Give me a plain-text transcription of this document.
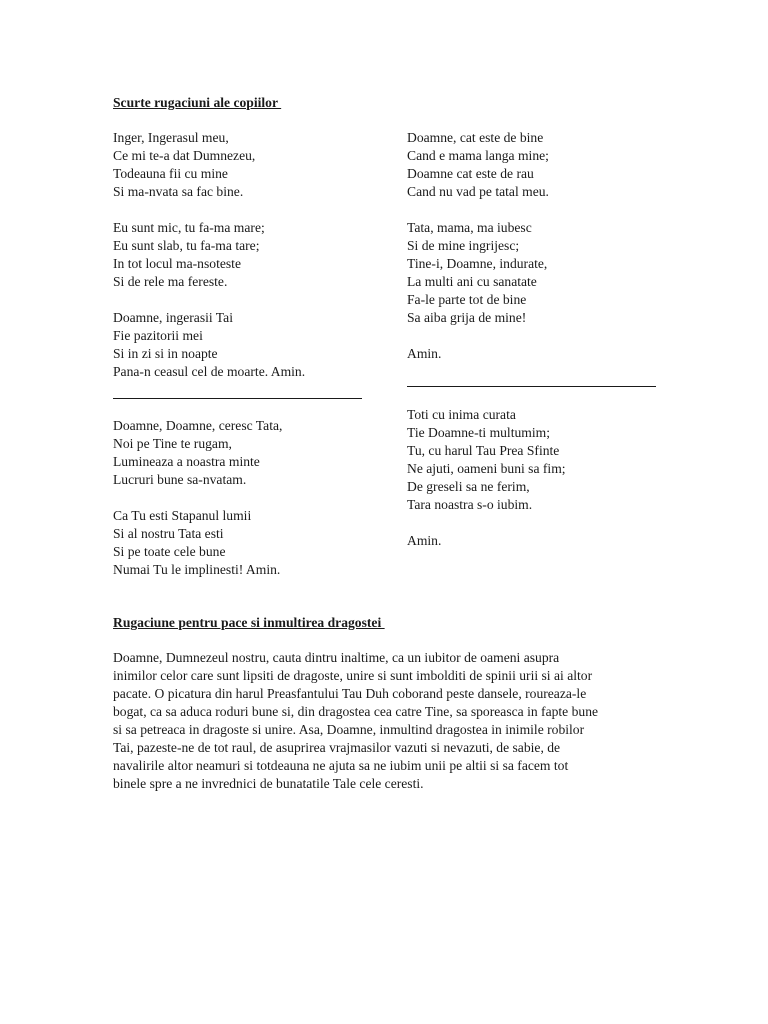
Scurte rugaciuni ale copiilor
Inger, Ingerasul meu,
Ce mi te-a dat Dumnezeu,
Todeauna fii cu mine
Si ma-nvata sa fac bine.
Eu sunt mic, tu fa-ma mare;
Eu sunt slab, tu fa-ma tare;
In tot locul ma-nsoteste
Si de rele ma fereste.
Doamne, ingerasii Tai
Fie pazitorii mei
Si in zi si in noapte
Pana-n ceasul cel de moarte. Amin.
Doamne, Doamne, ceresc Tata,
Noi pe Tine te rugam,
Lumineaza a noastra minte
Lucruri bune sa-nvatam.
Ca Tu esti Stapanul lumii
Si al nostru Tata esti
Si pe toate cele bune
Numai Tu le implinesti! Amin.
Doamne, cat este de bine
Cand e mama langa mine;
Doamne cat este de rau
Cand nu vad pe tatal meu.
Tata, mama, ma iubesc
Si de mine ingrijesc;
Tine-i, Doamne, indurate,
La multi ani cu sanatate
Fa-le parte tot de bine
Sa aiba grija de mine!
Amin.
Toti cu inima curata
Tie Doamne-ti multumim;
Tu, cu harul Tau Prea Sfinte
Ne ajuti, oameni buni sa fim;
De greseli sa ne ferim,
Tara noastra s-o iubim.
Amin.
Rugaciune pentru pace si inmultirea dragostei
Doamne, Dumnezeul nostru, cauta dintru inaltime, ca un iubitor de oameni asupra
inimilor celor care sunt lipsiti de dragoste, unire si sunt imbolditi de spinii urii si ai altor
pacate. O picatura din harul Preasfantului Tau Duh coborand peste dansele, roureaza-le
bogat, ca sa aduca roduri bune si, din dragostea cea catre Tine, sa sporeasca in fapte bune
si sa petreaca in dragoste si unire. Asa, Doamne, inmultind dragostea in inimile robilor
Tai, pazeste-ne de tot raul, de asuprirea vrajmasilor vazuti si nevazuti, de sabie, de
navalirile altor neamuri si totdeauna ne ajuta sa ne iubim unii pe altii si sa facem tot
binele spre a ne invrednici de bunatatile Tale cele ceresti.
